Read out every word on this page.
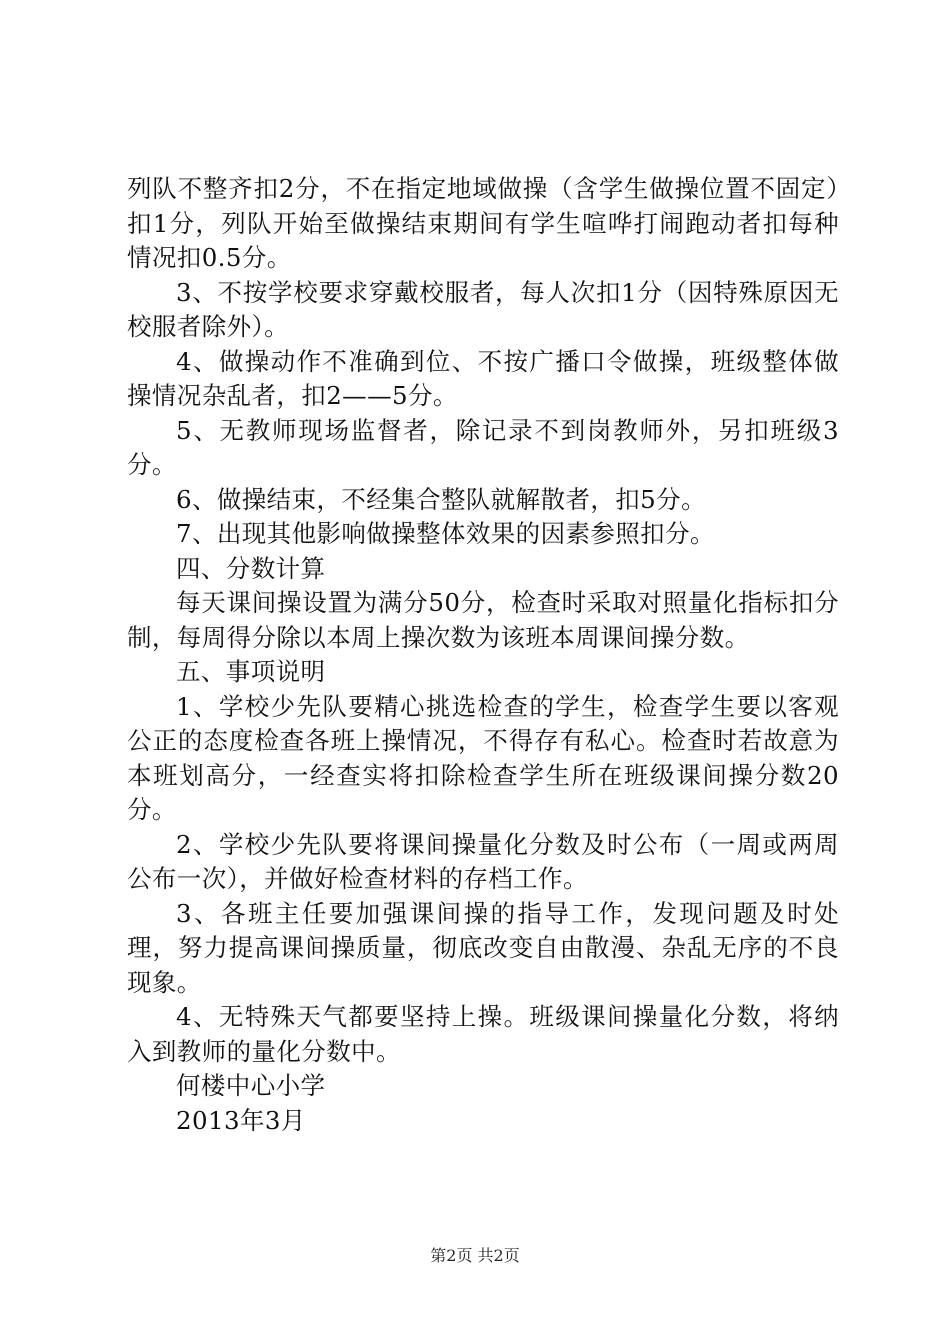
列队不整齐扣2分，不在指定地域做操（含学生做操位置不固定）扣1分，列队开始至做操结束期间有学生喧哗打闹跑动者扣每种情况扣0.5分。

3、不按学校要求穿戴校服者，每人次扣1分（因特殊原因无校服者除外）。

4、做操动作不准确到位、不按广播口令做操，班级整体做操情况杂乱者，扣2——5分。

5、无教师现场监督者，除记录不到岗教师外，另扣班级3分。

6、做操结束，不经集合整队就解散者，扣5分。

7、出现其他影响做操整体效果的因素参照扣分。

四、分数计算

每天课间操设置为满分50分，检查时采取对照量化指标扣分制，每周得分除以本周上操次数为该班本周课间操分数。

五、事项说明

1、学校少先队要精心挑选检查的学生，检查学生要以客观公正的态度检查各班上操情况，不得存有私心。检查时若故意为本班划高分，一经查实将扣除检查学生所在班级课间操分数20分。

2、学校少先队要将课间操量化分数及时公布（一周或两周公布一次），并做好检查材料的存档工作。

3、各班主任要加强课间操的指导工作，发现问题及时处理，努力提高课间操质量，彻底改变自由散漫、杂乱无序的不良现象。

4、无特殊天气都要坚持上操。班级课间操量化分数，将纳入到教师的量化分数中。

何楼中心小学

2013年3月

第2页 共2页
